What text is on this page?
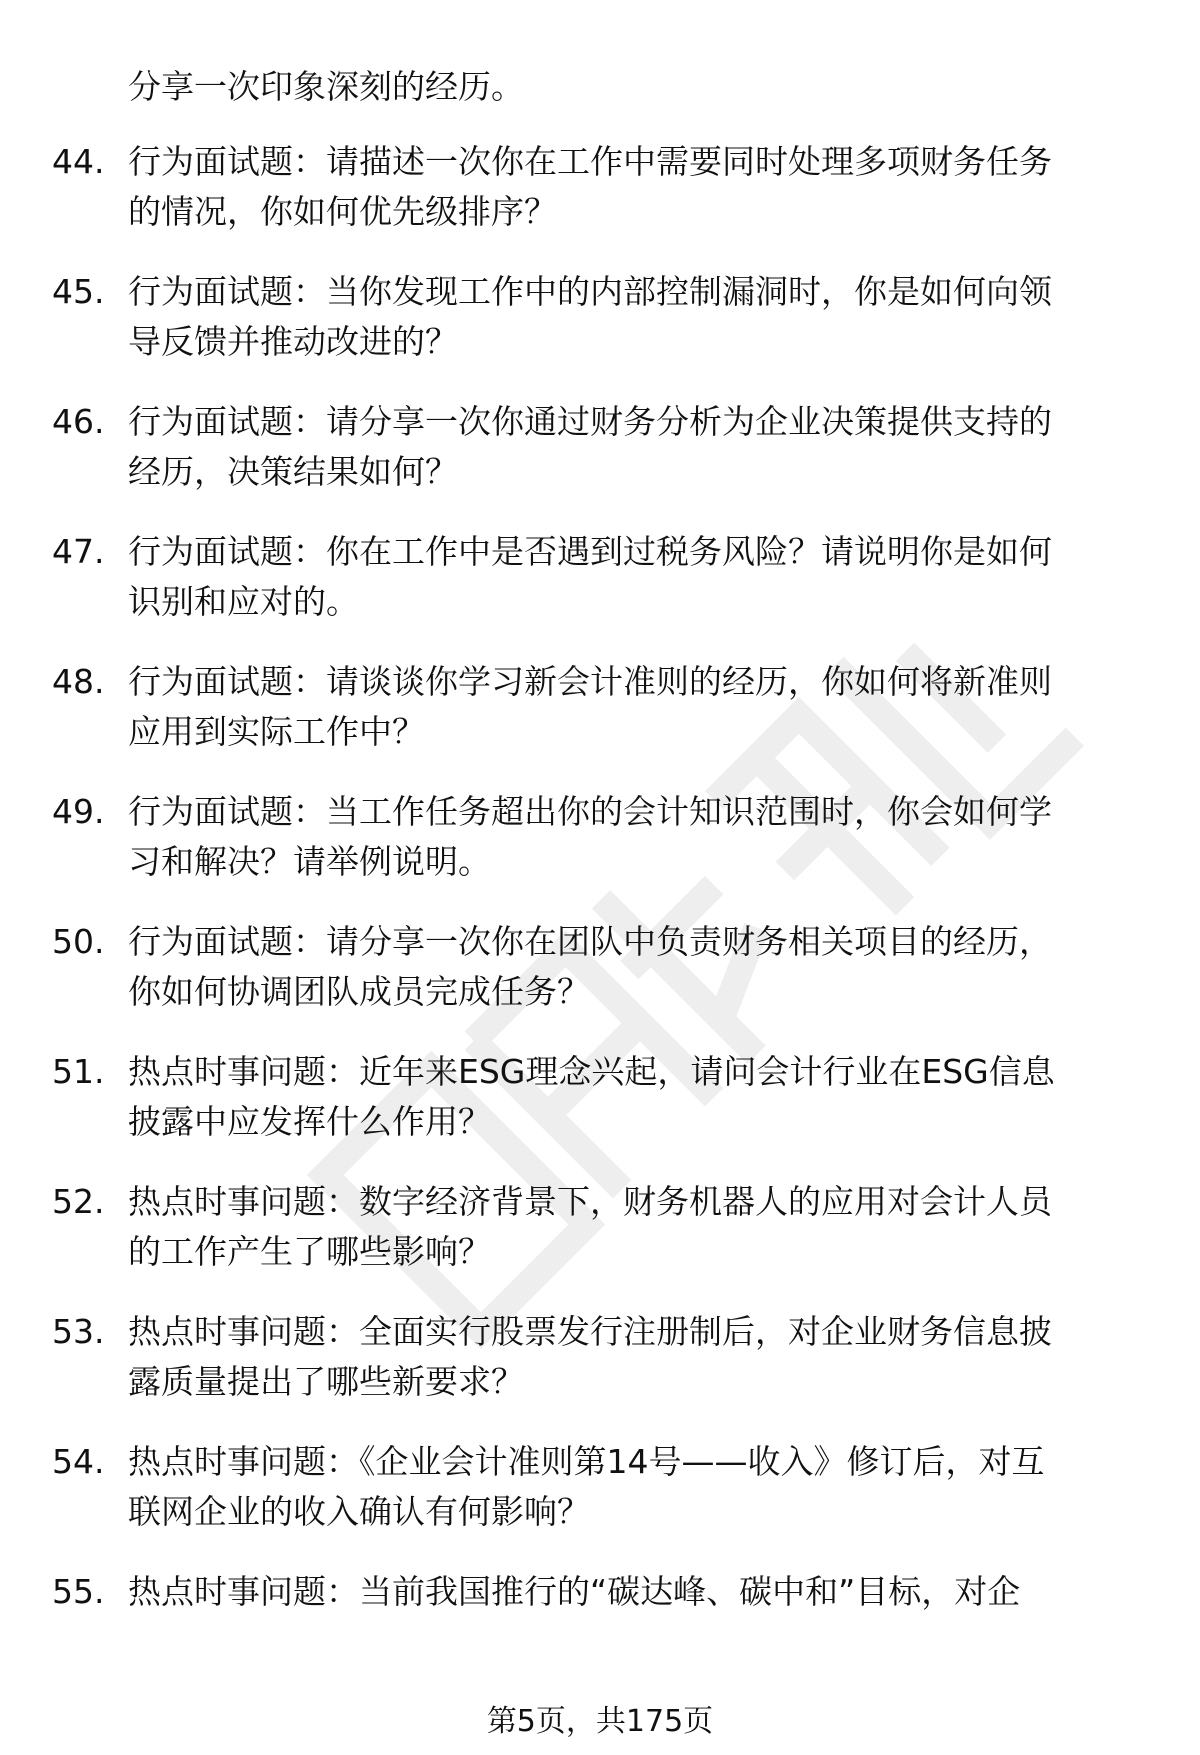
分享一次印象深刻的经历。
44. 行为面试题：请描述一次你在工作中需要同时处理多项财务任务
的情况，你如何优先级排序？
45. 行为面试题：当你发现工作中的内部控制漏洞时，你是如何向领
导反馈并推动改进的？
46. 行为面试题：请分享一次你通过财务分析为企业决策提供支持的
经历，决策结果如何？
47. 行为面试题：你在工作中是否遇到过税务风险？请说明你是如何
识别和应对的。
48. 行为面试题：请谈谈你学习新会计准则的经历，你如何将新准则
应用到实际工作中？
49. 行为面试题：当工作任务超出你的会计知识范围时，你会如何学
习和解决？请举例说明。
50. 行为面试题：请分享一次你在团队中负责财务相关项目的经历，
你如何协调团队成员完成任务？
51. 热点时事问题：近年来ESG理念兴起，请问会计行业在ESG信息
披露中应发挥什么作用？
52. 热点时事问题：数字经济背景下，财务机器人的应用对会计人员
的工作产生了哪些影响？
53. 热点时事问题：全面实行股票发行注册制后，对企业财务信息披
露质量提出了哪些新要求？
54. 热点时事问题：《企业会计准则第14号——收入》修订后，对互
联网企业的收入确认有何影响？
55. 热点时事问题：当前我国推行的“碳达峰、碳中和”目标，对企
第5页，共175页
